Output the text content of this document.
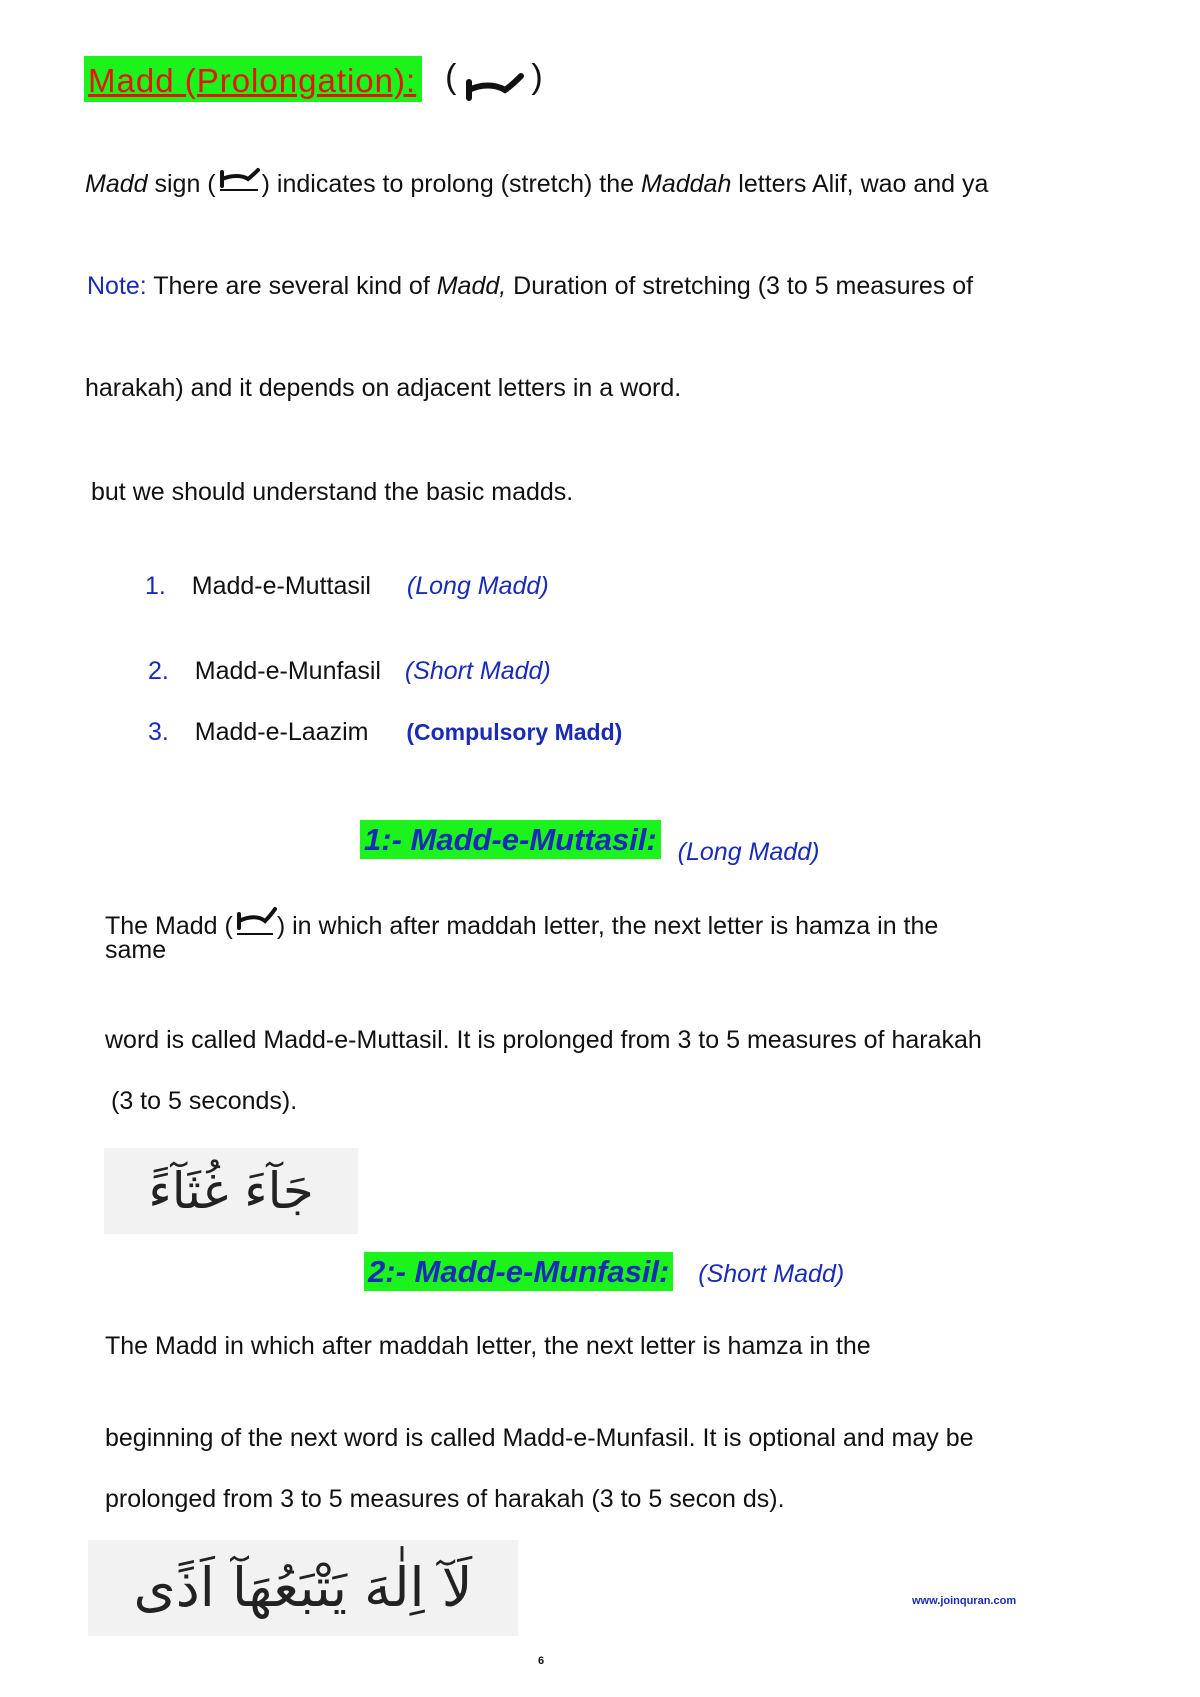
Madd (Prolongation): ( )
Madd sign ( ) indicates to prolong (stretch) the Maddah letters Alif, wao and ya
Note: There are several kind of Madd, Duration of stretching (3 to 5 measures of
harakah) and it depends on adjacent letters in a word.
but we should understand the basic madds.
1. Madd-e-Muttasil (Long Madd)
2. Madd-e-Munfasil (Short Madd)
3. Madd-e-Laazim (Compulsory Madd)
1:- Madd-e-Muttasil: (Long Madd)
The Madd ( ) in which after maddah letter, the next letter is hamza in the
same
word is called Madd-e-Muttasil. It is prolonged from 3 to 5 measures of harakah
(3 to 5 seconds).
جَآءَ غُثَآءً
2:- Madd-e-Munfasil: (Short Madd)
The Madd in which after maddah letter, the next letter is hamza in the
beginning of the next word is called Madd-e-Munfasil. It is optional and may be
prolonged from 3 to 5 measures of harakah (3 to 5 secon ds).
لَآ اِلٰهَ يَتْبَعُهَآ اَذًى	www.joinquran.com
6
